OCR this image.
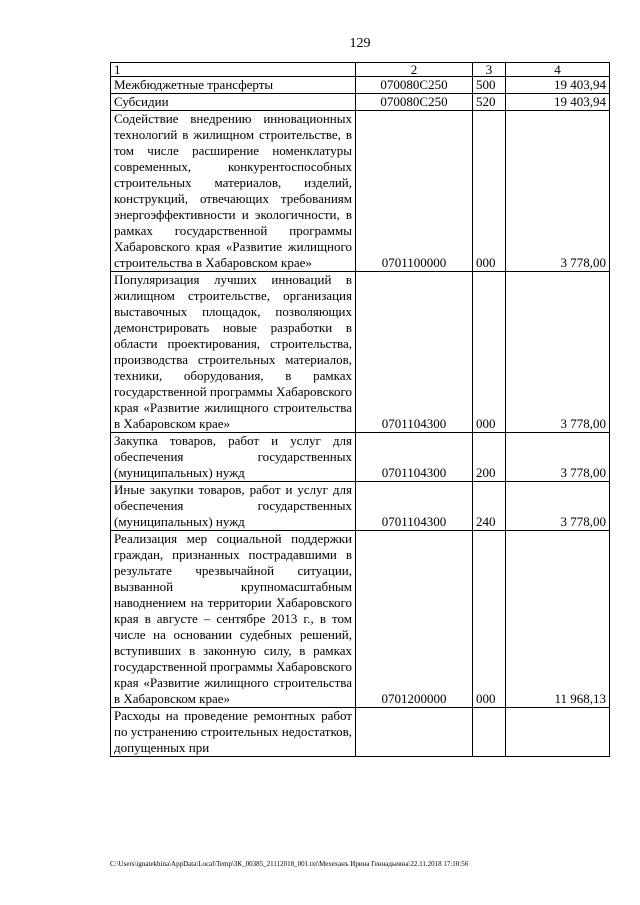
129
1	2	3	4
Межбюджетные трансферты	070080С250	500	19 403,94
Субсидии	070080С250	520	19 403,94
Содействие внедрению инновационных технологий в жилищном строительстве, в том числе расширение номенклатуры современных, конкурентоспособных строительных материалов, изделий, конструкций, отвечающих требованиям энергоэффективности и экологичности, в рамках государственной программы Хабаровского края «Развитие жилищного строительства в Хабаровском крае»	0701100000	000	3 778,00
Популяризация лучших инноваций в жилищном строительстве, организация выставочных площадок, позволяющих демонстрировать новые разработки в области проектирования, строительства, производства строительных материалов, техники, оборудования, в рамках государственной программы Хабаровского края «Развитие жилищного строительства в Хабаровском крае»	0701104300	000	3 778,00
Закупка товаров, работ и услуг для обеспечения государственных (муниципальных) нужд	0701104300	200	3 778,00
Иные закупки товаров, работ и услуг для обеспечения государственных (муниципальных) нужд	0701104300	240	3 778,00
Реализация мер социальной поддержки граждан, признанных пострадавшими в результате чрезвычайной ситуации, вызванной крупномасштабным наводнением на территории Хабаровского края в августе – сентябре 2013 г., в том числе на основании судебных решений, вступивших в законную силу, в рамках государственной программы Хабаровского края «Развитие жилищного строительства в Хабаровском крае»	0701200000	000	11 968,13
Расходы на проведение ремонтных работ по устранению строительных недостатков, допущенных при			
C:\Users\ignatekhina\AppData\Local\Temp\ЗК_00385_21112018_001.txt\Мехеханъ Ирина Геннадьевна\22.11.2018 17:10:56
